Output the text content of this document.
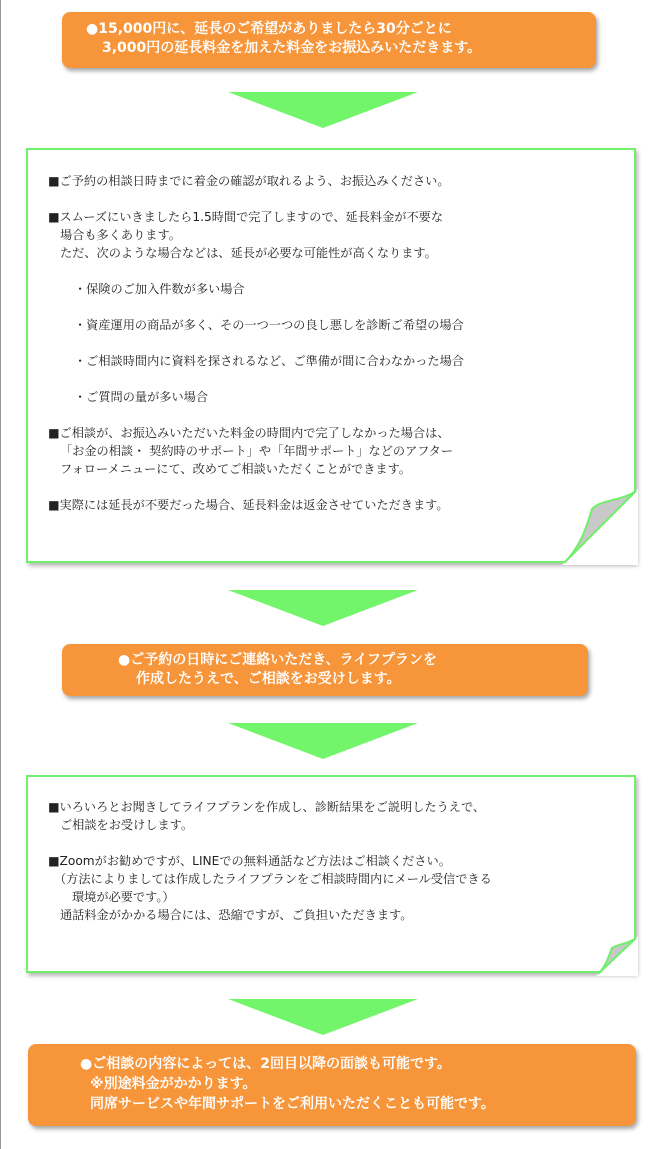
●15,000円に、延長のご希望がありましたら30分ごとに
3,000円の延長料金を加えた料金をお振込みいただきます。
■ご予約の相談日時までに着金の確認が取れるよう、お振込みください。
■スムーズにいきましたら1.5時間で完了しますので、延長料金が不要な
場合も多くあります。
ただ、次のような場合などは、延長が必要な可能性が高くなります。
・保険のご加入件数が多い場合
・資産運用の商品が多く、その一つ一つの良し悪しを診断ご希望の場合
・ご相談時間内に資料を探されるなど、ご準備が間に合わなかった場合
・ご質問の量が多い場合
■ご相談が、お振込みいただいた料金の時間内で完了しなかった場合は、
「お金の相談・ 契約時のサポート」や「年間サポート」などのアフター
フォローメニューにて、改めてご相談いただくことができます。
■実際には延長が不要だった場合、延長料金は返金させていただきます。
●ご予約の日時にご連絡いただき、ライフプランを
作成したうえで、ご相談をお受けします。
■いろいろとお聞きしてライフプランを作成し、診断結果をご説明したうえで、
ご相談をお受けします。
■Zoomがお勧めですが、LINEでの無料通話など方法はご相談ください。
（方法によりましては作成したライフプランをご相談時間内にメール受信できる
環境が必要です。）
通話料金がかかる場合には、恐縮ですが、ご負担いただきます。
●ご相談の内容によっては、2回目以降の面談も可能です。
※別途料金がかかります。
同席サービスや年間サポートをご利用いただくことも可能です。
